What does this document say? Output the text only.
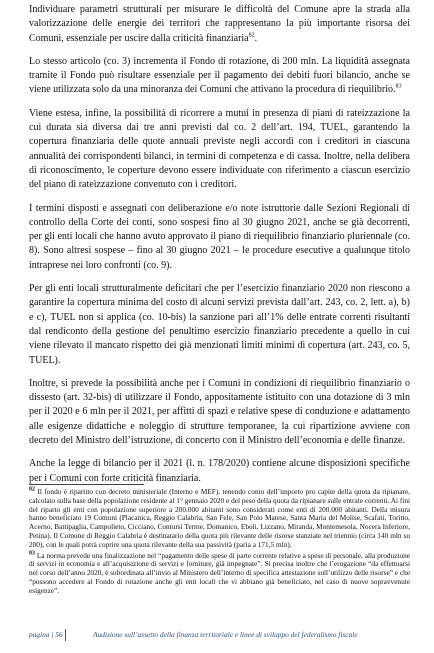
Individuare parametri strutturali per misurare le difficoltà del Comune apre la strada alla valorizzazione delle energie dei territori che rappresentano la più importante risorsa dei Comuni, essenziale per uscire dalla criticità finanziaria$^{82}$.

Lo stesso articolo (co. 3) incrementa il Fondo di rotazione, di 200 mln. La liquidità assegnata tramite il Fondo può risultare essenziale per il pagamento dei debiti fuori bilancio, anche se viene utilizzata solo da una minoranza dei Comuni che attivano la procedura di riequilibrio.$^{83}$

Viene estesa, infine, la possibilità di ricorrere a mutui in presenza di piani di rateizzazione la cui durata sia diversa dai tre anni previsti dal co. 2 dell’art. 194, TUEL, garantendo la copertura finanziaria delle quote annuali previste negli accordi con i creditori in ciascuna annualità dei corrispondenti bilanci, in termini di competenza e di cassa. Inoltre, nella delibera di riconoscimento, le coperture devono essere individuate con riferimento a ciascun esercizio del piano di rateizzazione convenuto con i creditori.

I termini disposti e assegnati con deliberazione e/o note istruttorie dalle Sezioni Regionali di controllo della Corte dei conti, sono sospesi fino al 30 giugno 2021, anche se già decorrenti, per gli enti locali che hanno avuto approvato il piano di riequilibrio finanziario pluriennale (co. 8). Sono altresì sospese – fino al 30 giugno 2021 – le procedure esecutive a qualunque titolo intraprese nei loro confronti (co. 9).

Per gli enti locali strutturalmente deficitari che per l’esercizio finanziario 2020 non riescono a garantire la copertura minima del costo di alcuni servizi prevista dall’art. 243, co. 2, lett. a), b) e c), TUEL non si applica (co. 10-bis) la sanzione pari all’1% delle entrate correnti risultanti dal rendiconto della gestione del penultimo esercizio finanziario precedente a quello in cui viene rilevato il mancato rispetto dei già menzionati limiti minimi di copertura (art. 243, co. 5, TUEL).

Inoltre, si prevede la possibilità anche per i Comuni in condizioni di riequilibrio finanziario o dissesto (art. 32-bis) di utilizzare il Fondo, appositamente istituito con una dotazione di 3 mln per il 2020 e 6 mln per il 2021, per affitti di spazi e relative spese di conduzione e adattamento alle esigenze didattiche e noleggio di strutture temporanee, la cui ripartizione avviene con decreto del Ministro dell’istruzione, di concerto con il Ministro dell’economia e delle finanze.

Anche la legge di bilancio per il 2021 (l. n. 178/2020) contiene alcune disposizioni specifiche per i Comuni con forte criticità finanziaria.

$^{82}$ Il fondo è ripartito con decreto ministeriale (Interno e MEF), tenendo conto dell’importo pro capite della quota da ripianare, calcolato sulla base della popolazione residente al 1° gennaio 2020 e del peso della quota da ripianare sulle entrate correnti. Ai fini del riparto gli enti con popolazione superiore a 200.000 abitanti sono considerati come enti di 200.000 abitanti. Della misura hanno beneficiato 19 Comuni (Placanica, Reggio Calabria, San Fele, San Polo Matese, Santa Maria del Molise, Scafati, Toritto, Acerno, Battipaglia, Campolieto, Cicciano, Contursi Terme, Domanico, Eboli, Lizzano, Miranda, Montemesola, Nocera Inferiore, Petina). Il Comune di Reggio Calabria è destinatario della quota più rilevante delle risorse stanziate nel triennio (circa 140 mln su 200), con le quali potrà coprire una quota rilevante della sua passività (paria a 171,5 mln).

$^{83}$ La norma prevede una finalizzazione nel “pagamento delle spese di parte corrente relative a spese di personale, alla produzione di servizi in economia e all’acquisizione di servizi e forniture, già impegnate”. Si precisa inoltre che l’erogazione “da effettuarsi nel corso dell’anno 2020, è subordinata all’invio al Ministero dell’interno di specifica attestazione sull’utilizzo delle risorse” e che “possono accedere al Fondo di rotazione anche gli enti locali che vi abbiano già beneficiato, nel caso di nuove sopravvenute esigenze”.

pagina | 56	Audizione sull’assetto della finanza territoriale e linee di sviluppo del federalismo fiscale
